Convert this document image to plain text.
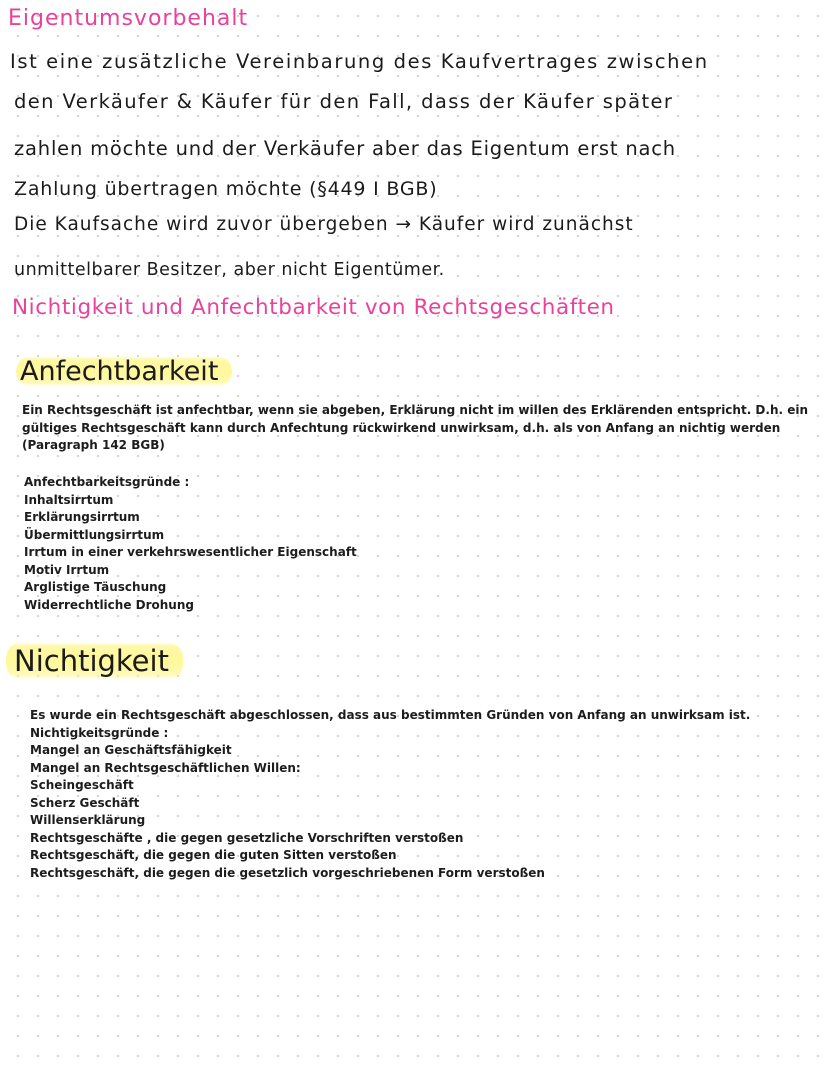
Eigentumsvorbehalt

Ist eine zusätzliche Vereinbarung des Kaufvertrages zwischen

den Verkäufer & Käufer für den Fall, dass der Käufer später

zahlen möchte und der Verkäufer aber das Eigentum erst nach

Zahlung übertragen möchte (§449 I BGB)

Die Kaufsache wird zuvor übergeben → Käufer wird zunächst

unmittelbarer Besitzer, aber nicht Eigentümer.

Nichtigkeit und Anfechtbarkeit von Rechtsgeschäften
Anfechtbarkeit
Ein Rechtsgeschäft ist anfechtbar, wenn sie abgeben, Erklärung nicht im willen des Erklärenden entspricht. D.h. ein
gültiges Rechtsgeschäft kann durch Anfechtung rückwirkend unwirksam, d.h. als von Anfang an nichtig werden
(Paragraph 142 BGB)
Anfechtbarkeitsgründe :
Inhaltsirrtum
Erklärungsirrtum
Übermittlungsirrtum
Irrtum in einer verkehrswesentlicher Eigenschaft
Motiv Irrtum
Arglistige Täuschung
Widerrechtliche Drohung
Nichtigkeit
Es wurde ein Rechtsgeschäft abgeschlossen, dass aus bestimmten Gründen von Anfang an unwirksam ist.
Nichtigkeitsgründe :
Mangel an Geschäftsfähigkeit
Mangel an Rechtsgeschäftlichen Willen:
Scheingeschäft
Scherz Geschäft
Willenserklärung
Rechtsgeschäfte , die gegen gesetzliche Vorschriften verstoßen
Rechtsgeschäft, die gegen die guten Sitten verstoßen
Rechtsgeschäft, die gegen die gesetzlich vorgeschriebenen Form verstoßen
